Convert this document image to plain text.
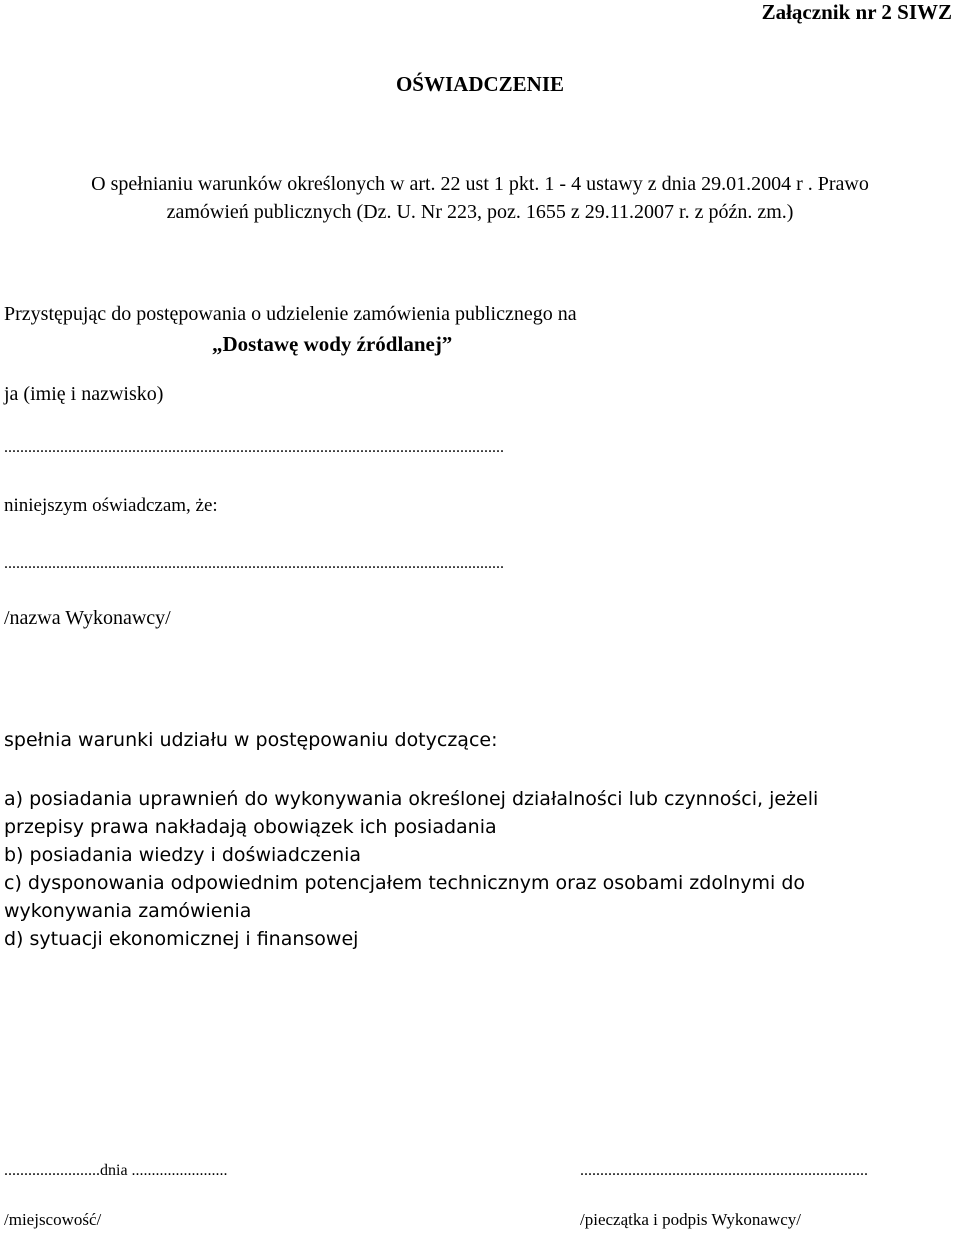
Załącznik nr 2 SIWZ
OŚWIADCZENIE
O spełnianiu warunków określonych w art. 22 ust 1 pkt. 1 - 4 ustawy z dnia 29.01.2004 r . Prawo
zamówień publicznych (Dz. U. Nr 223, poz. 1655 z 29.11.2007 r. z późn. zm.)
Przystępując do postępowania o udzielenie zamówienia publicznego na
„Dostawę wody źródlanej”
ja (imię i nazwisko)
.............................................................................................................................
niniejszym oświadczam, że:
.............................................................................................................................
/nazwa Wykonawcy/
spełnia warunki udziału w postępowaniu dotyczące:
a) posiadania uprawnień do wykonywania określonej działalności lub czynności, jeżeli
przepisy prawa nakładają obowiązek ich posiadania
b) posiadania wiedzy i doświadczenia
c) dysponowania odpowiednim potencjałem technicznym oraz osobami zdolnymi do
wykonywania zamówienia
d) sytuacji ekonomicznej i finansowej
........................dnia ........................	........................................................................
/miejscowość/	/pieczątka i podpis Wykonawcy/
